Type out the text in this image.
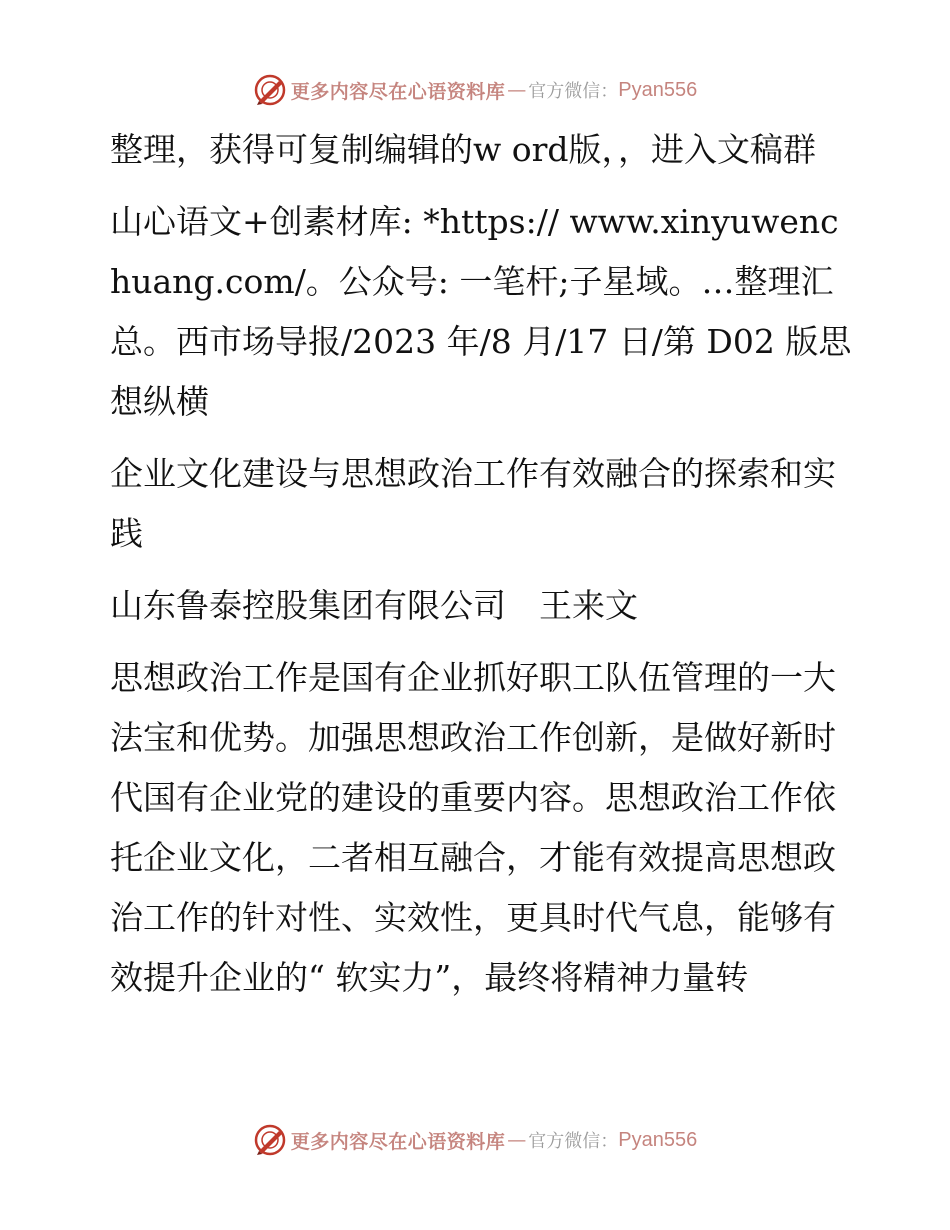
更多内容尽在心语资料库 — 官方微信： Pyan556

整理，获得可复制编辑的w ord版，，进入文稿群

山心语文+创素材库: *https:// www.xinyuwenchuang.com/。公众号: 一笔杆;子星域。…整理汇总。西市场导报/2023 年/8 月/17 日/第 D02 版思想纵横

企业文化建设与思想政治工作有效融合的探索和实践

山东鲁泰控股集团有限公司　王来文

思想政治工作是国有企业抓好职工队伍管理的一大法宝和优势。加强思想政治工作创新，是做好新时代国有企业党的建设的重要内容。思想政治工作依托企业文化，二者相互融合，才能有效提高思想政治工作的针对性、实效性，更具时代气息，能够有效提升企业的“ 软实力”，最终将精神力量转

更多内容尽在心语资料库 — 官方微信： Pyan556
